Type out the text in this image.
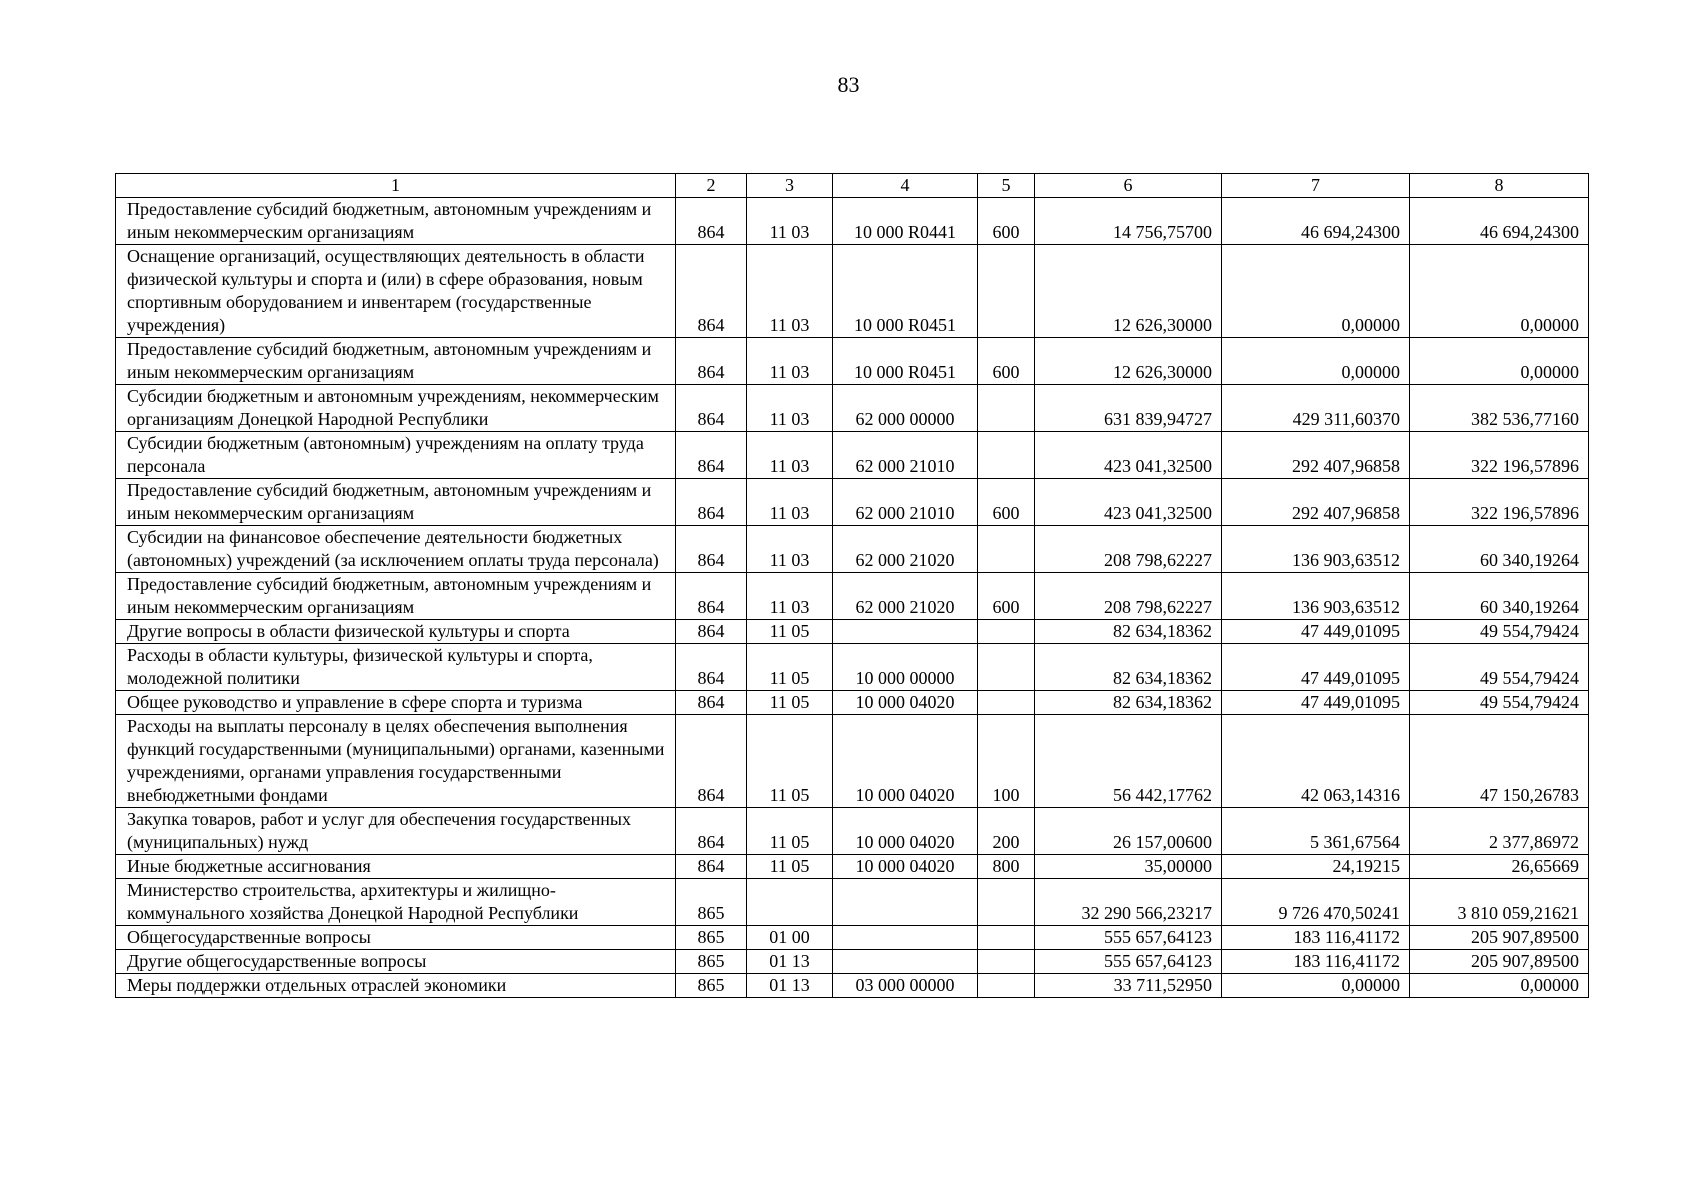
83
1	2	3	4	5	6	7	8
Предоставление субсидий бюджетным, автономным учреждениям и иным некоммерческим организациям	864	11 03	10 000 R0441	600	14 756,75700	46 694,24300	46 694,24300
Оснащение организаций, осуществляющих деятельность в области физической культуры и спорта и (или) в сфере образования, новым спортивным оборудованием и инвентарем (государственные учреждения)	864	11 03	10 000 R0451		12 626,30000	0,00000	0,00000
Предоставление субсидий бюджетным, автономным учреждениям и иным некоммерческим организациям	864	11 03	10 000 R0451	600	12 626,30000	0,00000	0,00000
Субсидии бюджетным и автономным учреждениям, некоммерческим организациям Донецкой Народной Республики	864	11 03	62 000 00000		631 839,94727	429 311,60370	382 536,77160
Субсидии бюджетным (автономным) учреждениям на оплату труда персонала	864	11 03	62 000 21010		423 041,32500	292 407,96858	322 196,57896
Предоставление субсидий бюджетным, автономным учреждениям и иным некоммерческим организациям	864	11 03	62 000 21010	600	423 041,32500	292 407,96858	322 196,57896
Субсидии на финансовое обеспечение деятельности бюджетных (автономных) учреждений (за исключением оплаты труда персонала)	864	11 03	62 000 21020		208 798,62227	136 903,63512	60 340,19264
Предоставление субсидий бюджетным, автономным учреждениям и иным некоммерческим организациям	864	11 03	62 000 21020	600	208 798,62227	136 903,63512	60 340,19264
Другие вопросы в области физической культуры и спорта	864	11 05			82 634,18362	47 449,01095	49 554,79424
Расходы в области культуры, физической культуры и спорта, молодежной политики	864	11 05	10 000 00000		82 634,18362	47 449,01095	49 554,79424
Общее руководство и управление в сфере спорта и туризма	864	11 05	10 000 04020		82 634,18362	47 449,01095	49 554,79424
Расходы на выплаты персоналу в целях обеспечения выполнения функций государственными (муниципальными) органами, казенными учреждениями, органами управления государственными внебюджетными фондами	864	11 05	10 000 04020	100	56 442,17762	42 063,14316	47 150,26783
Закупка товаров, работ и услуг для обеспечения государственных (муниципальных) нужд	864	11 05	10 000 04020	200	26 157,00600	5 361,67564	2 377,86972
Иные бюджетные ассигнования	864	11 05	10 000 04020	800	35,00000	24,19215	26,65669
Министерство строительства, архитектуры и жилищно-коммунального хозяйства Донецкой Народной Республики	865				32 290 566,23217	9 726 470,50241	3 810 059,21621
Общегосударственные вопросы	865	01 00			555 657,64123	183 116,41172	205 907,89500
Другие общегосударственные вопросы	865	01 13			555 657,64123	183 116,41172	205 907,89500
Меры поддержки отдельных отраслей экономики	865	01 13	03 000 00000		33 711,52950	0,00000	0,00000
